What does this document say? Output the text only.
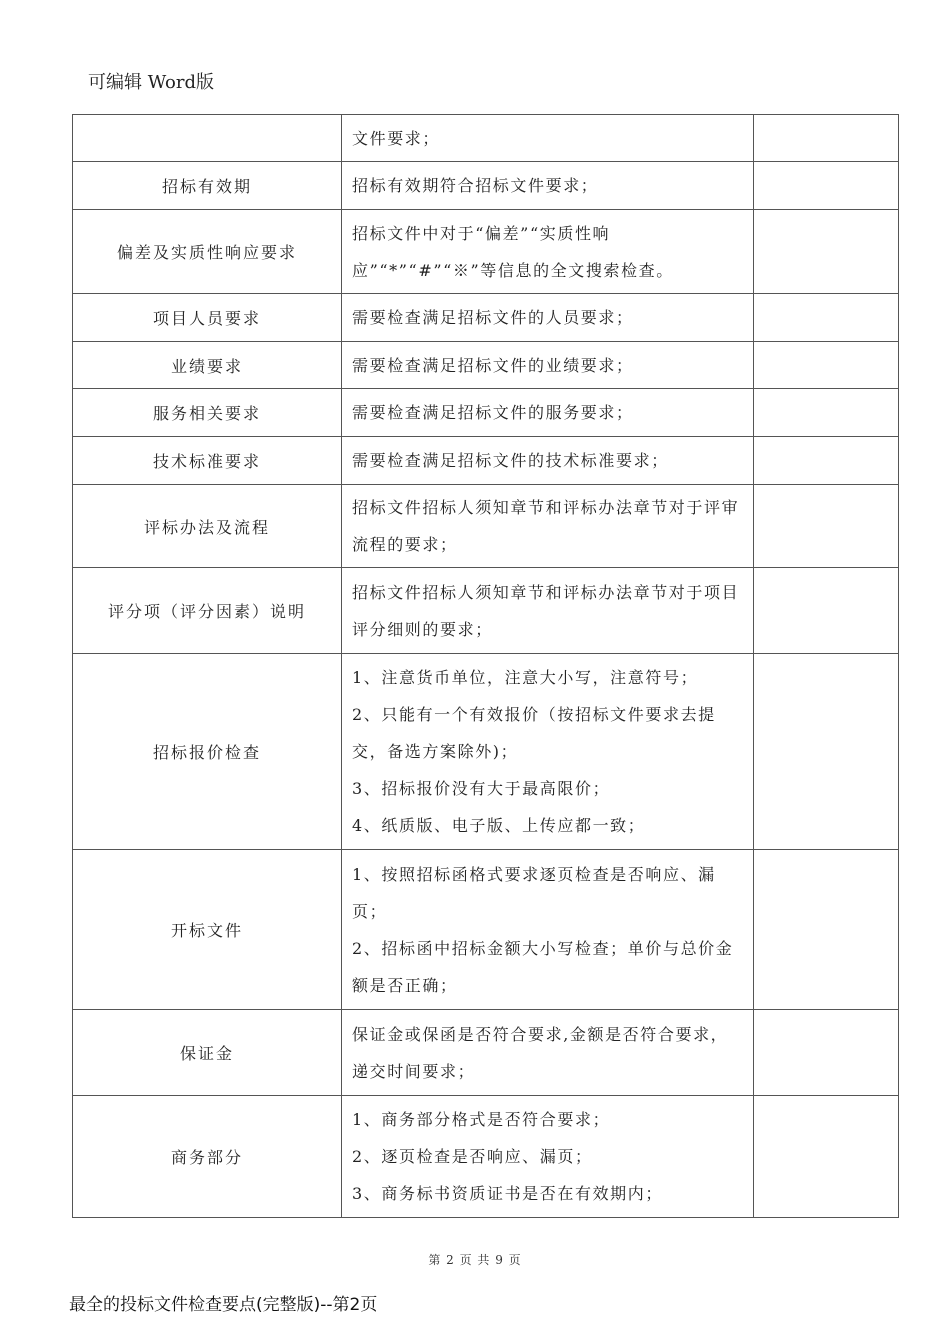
可编辑 Word版

	文件要求；	

招标有效期	招标有效期符合招标文件要求；	

偏差及实质性响应要求	招标文件中对于“偏差”“实质性响应”“*”“#”“※”等信息的全文搜索检查。	

项目人员要求	需要检查满足招标文件的人员要求；	

业绩要求	需要检查满足招标文件的业绩要求；	

服务相关要求	需要检查满足招标文件的服务要求；	

技术标准要求	需要检查满足招标文件的技术标准要求；	

评标办法及流程	招标文件招标人须知章节和评标办法章节对于评审流程的要求；	

评分项（评分因素）说明	招标文件招标人须知章节和评标办法章节对于项目评分细则的要求；	

招标报价检查	1、注意货币单位，注意大小写，注意符号；

2、只能有一个有效报价（按招标文件要求去提交，备选方案除外)；

3、招标报价没有大于最高限价；

4、纸质版、电子版、上传应都一致；	

开标文件	1、按照招标函格式要求逐页检查是否响应、漏页；

2、招标函中招标金额大小写检查；单价与总价金额是否正确；	

保证金	保证金或保函是否符合要求,金额是否符合要求，递交时间要求；	

商务部分	1、商务部分格式是否符合要求；

2、逐页检查是否响应、漏页；

3、商务标书资质证书是否在有效期内；	

第 2 页 共 9 页
最全的投标文件检查要点(完整版)--第2页
